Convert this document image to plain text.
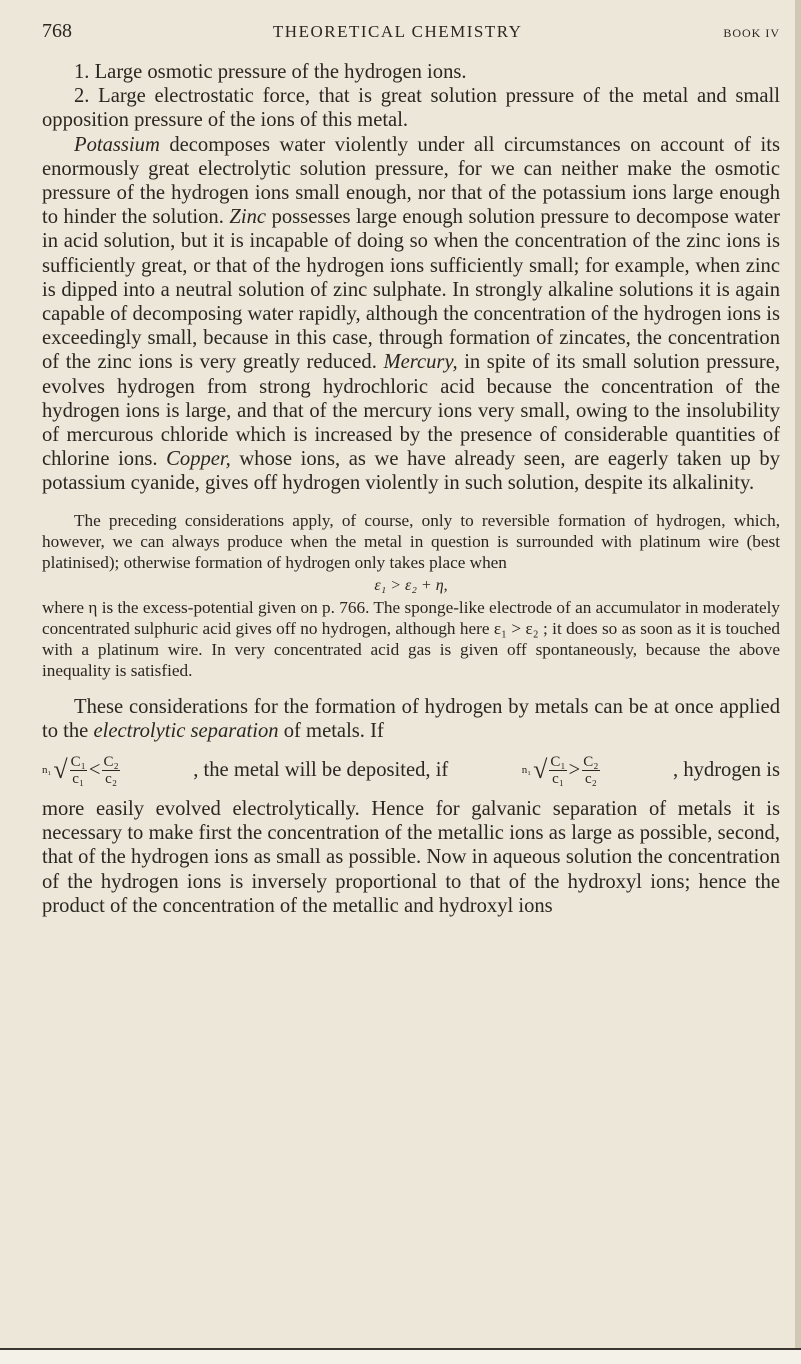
768	THEORETICAL CHEMISTRY	BOOK IV

1. Large osmotic pressure of the hydrogen ions.

2. Large electrostatic force, that is great solution pressure of the metal and small opposition pressure of the ions of this metal.

Potassium decomposes water violently under all circumstances on account of its enormously great electrolytic solution pressure, for we can neither make the osmotic pressure of the hydrogen ions small enough, nor that of the potassium ions large enough to hinder the solution. Zinc possesses large enough solution pressure to decompose water in acid solution, but it is incapable of doing so when the concentration of the zinc ions is sufficiently great, or that of the hydrogen ions sufficiently small; for example, when zinc is dipped into a neutral solution of zinc sulphate. In strongly alkaline solutions it is again capable of decomposing water rapidly, although the concentration of the hydrogen ions is exceedingly small, because in this case, through formation of zincates, the concentration of the zinc ions is very greatly reduced. Mercury, in spite of its small solution pressure, evolves hydrogen from strong hydrochloric acid because the concentration of the hydrogen ions is large, and that of the mercury ions very small, owing to the insolubility of mercurous chloride which is increased by the presence of considerable quantities of chlorine ions. Copper, whose ions, as we have already seen, are eagerly taken up by potassium cyanide, gives off hydrogen violently in such solution, despite its alkalinity.

The preceding considerations apply, of course, only to reversible formation of hydrogen, which, however, we can always produce when the metal in question is surrounded with platinum wire (best platinised); otherwise formation of hydrogen only takes place when

ε₁ > ε₂ + η,

where η is the excess-potential given on p. 766. The sponge-like electrode of an accumulator in moderately concentrated sulphuric acid gives off no hydrogen, although here ε₁ > ε₂ ; it does so as soon as it is touched with a platinum wire. In very concentrated acid gas is given off spontaneously, because the above inequality is satisfied.

These considerations for the formation of hydrogen by metals can be at once applied to the electrolytic separation of metals. If

n₁ √ $\frac{\text{C₁}}{\text{c₁}} < \frac{\text{C₂}}{\text{c₂}}$	, the metal will be deposited, if	n₁ √ $\frac{\text{C₁}}{\text{c₁}} > \frac{\text{C₂}}{\text{c₂}}$	, hydrogen is

more easily evolved electrolytically. Hence for galvanic separation of metals it is necessary to make first the concentration of the metallic ions as large as possible, second, that of the hydrogen ions as small as possible. Now in aqueous solution the concentration of the hydrogen ions is inversely proportional to that of the hydroxyl ions; hence the product of the concentration of the metallic and hydroxyl ions
